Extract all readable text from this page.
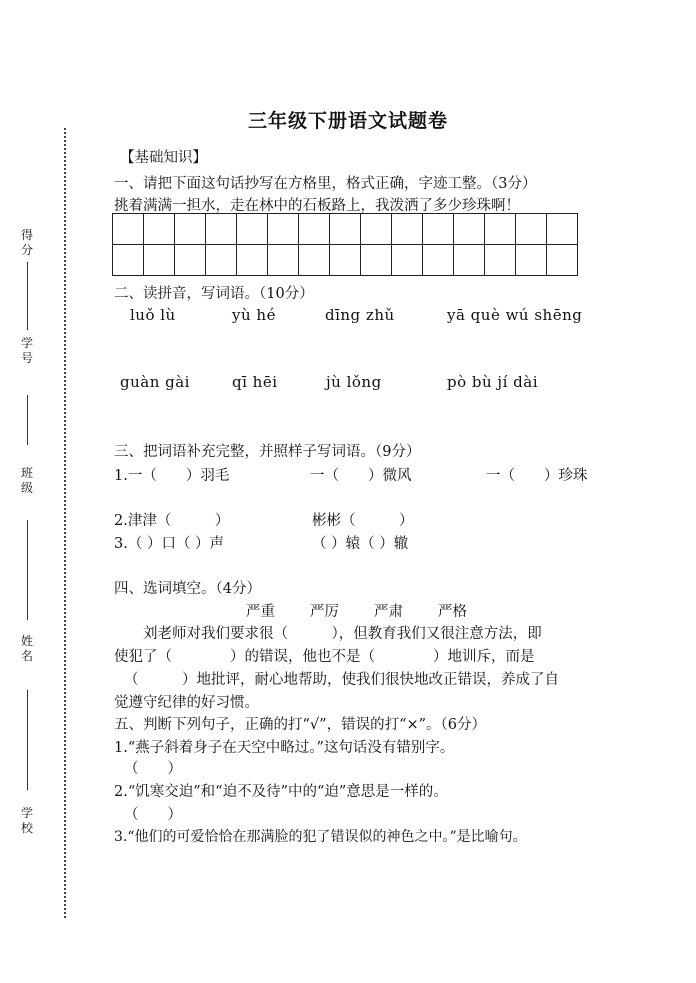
得分
学号
班级
姓名
学校
三年级下册语文试题卷
【基础知识】
一、请把下面这句话抄写在方格里，格式正确，字迹工整。（3分）
挑着满满一担水，走在林中的石板路上，我泼洒了多少珍珠啊！

二、读拼音，写词语。（10分）
luǒ lù	yù hé	dīng zhǔ	yā què wú shēng
guàn gài	qī hēi	jù lǒng	pò bù jí dài
三、把词语补充完整，并照样子写词语。（9分）
1.一（　　）羽毛	一（　　）微风	一（　　）珍珠
2.津津（　　　）	彬彬（　　　）
3.（ ）口（ ）声	（ ）辕（ ）辙
四、选词填空。（4分）
严重 严厉 严肃 严格
　　刘老师对我们要求很（　　　），但教育我们又很注意方法，即
使犯了（　　　　）的错误，他也不是（　　　　）地训斥，而是
（　　　）地批评，耐心地帮助，使我们很快地改正错误，养成了自
觉遵守纪律的好习惯。
五、判断下列句子，正确的打“√”，错误的打“×”。（6分）
1.“燕子斜着身子在天空中略过。”这句话没有错别字。
（　　）
2.“饥寒交迫”和“迫不及待”中的“迫”意思是一样的。
（　　）
3.“他们的可爱恰恰在那满脸的犯了错误似的神色之中。”是比喻句。
